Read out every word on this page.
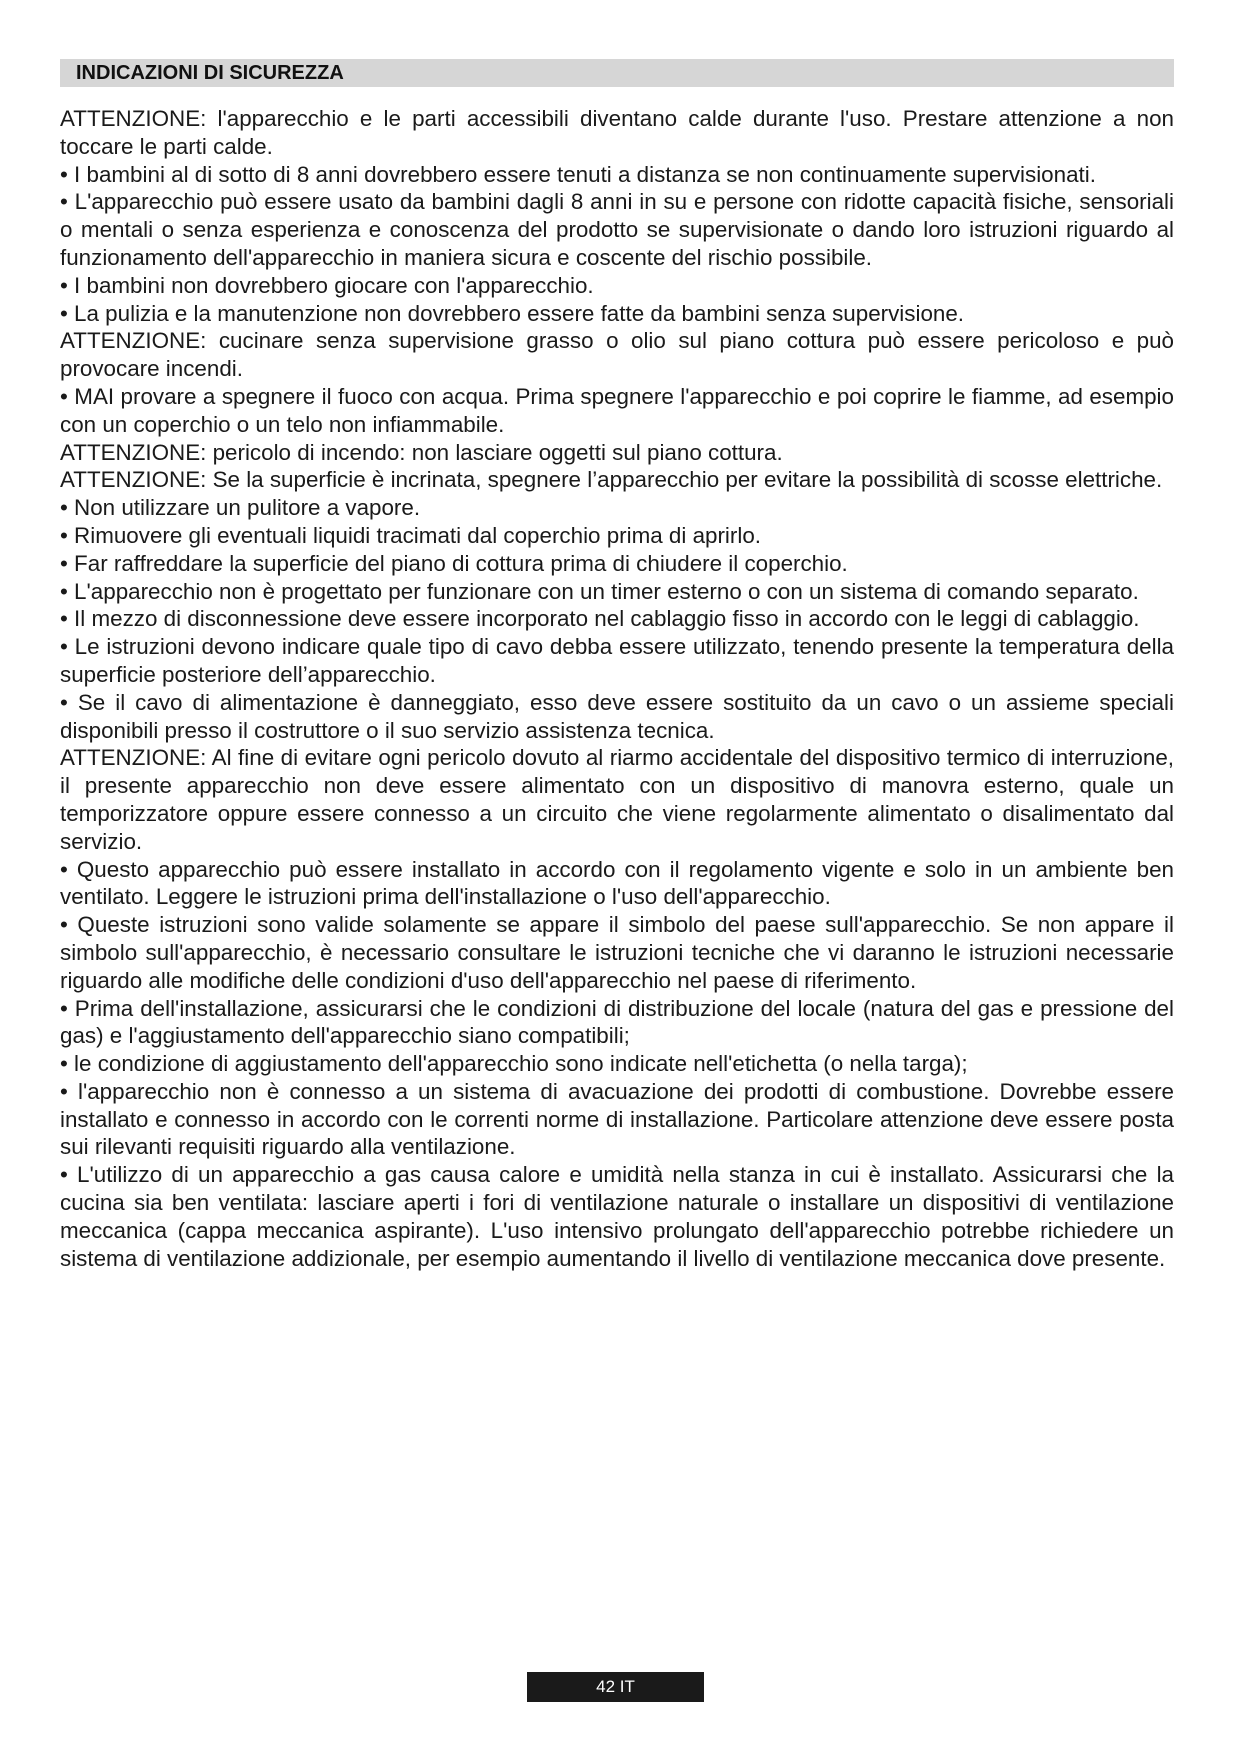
INDICAZIONI DI SICUREZZA

ATTENZIONE: l'apparecchio e le parti accessibili diventano calde durante l'uso. Prestare attenzione a non toccare le parti calde.

• I bambini al di sotto di 8 anni dovrebbero essere tenuti a distanza se non continuamente supervisionati.

• L'apparecchio può essere usato da bambini dagli 8 anni in su e persone con ridotte capacità fisiche, sensoriali o mentali o senza esperienza e conoscenza del prodotto se supervisionate o dando loro istruzioni riguardo al funzionamento dell'apparecchio in maniera sicura e coscente del rischio possibile.

• I bambini non dovrebbero giocare con l'apparecchio.

• La pulizia e la manutenzione non dovrebbero essere fatte da bambini senza supervisione.

ATTENZIONE: cucinare senza supervisione grasso o olio sul piano cottura può essere pericoloso e può provocare incendi.

• MAI provare a spegnere il fuoco con acqua. Prima spegnere l'apparecchio e poi coprire le fiamme, ad esempio con un coperchio o un telo non infiammabile.

ATTENZIONE: pericolo di incendo: non lasciare oggetti sul piano cottura.

ATTENZIONE: Se la superficie è incrinata, spegnere l’apparecchio per evitare la possibilità di scosse elettriche.

• Non utilizzare un pulitore a vapore.

• Rimuovere gli eventuali liquidi tracimati dal coperchio prima di aprirlo.

• Far raffreddare la superficie del piano di cottura prima di chiudere il coperchio.

• L'apparecchio non è progettato per funzionare con un timer esterno o con un sistema di comando separato.

• Il mezzo di disconnessione deve essere incorporato nel cablaggio fisso in accordo con le leggi di cablaggio.

• Le istruzioni devono indicare quale tipo di cavo debba essere utilizzato, tenendo presente la temperatura della superficie posteriore dell’apparecchio.

• Se il cavo di alimentazione è danneggiato, esso deve essere sostituito da un cavo o un assieme speciali disponibili presso il costruttore o il suo servizio assistenza tecnica.

ATTENZIONE: Al fine di evitare ogni pericolo dovuto al riarmo accidentale del dispositivo termico di interruzione, il presente apparecchio non deve essere alimentato con un dispositivo di manovra esterno, quale un temporizzatore oppure essere connesso a un circuito che viene regolarmente alimentato o disalimentato dal servizio.

• Questo apparecchio può essere installato in accordo con il regolamento vigente e solo in un ambiente ben ventilato. Leggere le istruzioni prima dell'installazione o l'uso dell'apparecchio.

• Queste istruzioni sono valide solamente se appare il simbolo del paese sull'apparecchio. Se non appare il simbolo sull'apparecchio, è necessario consultare le istruzioni tecniche che vi daranno le istruzioni necessarie riguardo alle modifiche delle condizioni d'uso dell'apparecchio nel paese di riferimento.

• Prima dell'installazione, assicurarsi che le condizioni di distribuzione del locale (natura del gas e pressione del gas) e l'aggiustamento dell'apparecchio siano compatibili;

• le condizione di aggiustamento dell'apparecchio sono indicate nell'etichetta (o nella targa);

• l'apparecchio non è connesso a un sistema di avacuazione dei prodotti di combustione. Dovrebbe essere installato e connesso in accordo con le correnti norme di installazione. Particolare attenzione deve essere posta sui rilevanti requisiti riguardo alla ventilazione.

• L'utilizzo di un apparecchio a gas causa calore e umidità nella stanza in cui è installato. Assicurarsi che la cucina sia ben ventilata: lasciare aperti i fori di ventilazione naturale o installare un dispositivi di ventilazione meccanica (cappa meccanica aspirante). L'uso intensivo prolungato dell'apparecchio potrebbe richiedere un sistema di ventilazione addizionale, per esempio aumentando il livello di ventilazione meccanica dove presente.

42 IT
